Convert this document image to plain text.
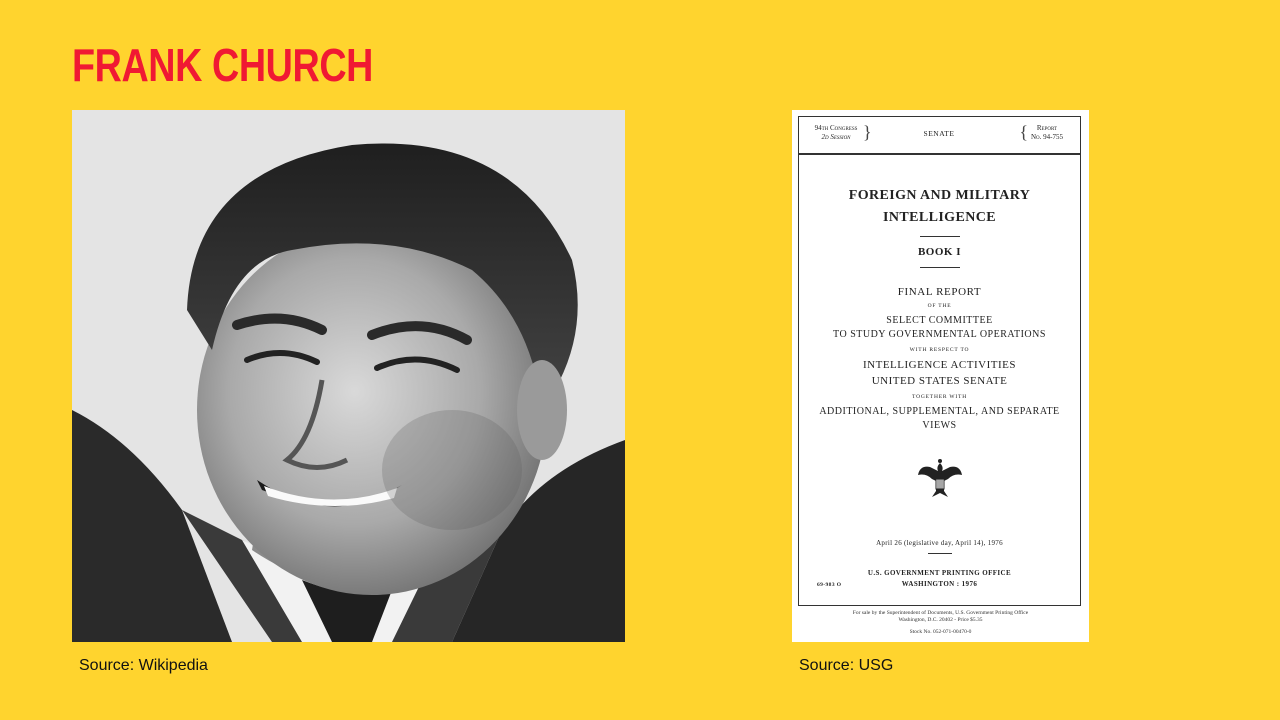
FRANK CHURCH
Source: Wikipedia
94th Congress
2d Session }	SENATE	{	Report
No. 94-755
FOREIGN AND MILITARY
INTELLIGENCE
BOOK I
FINAL REPORT
OF THE
SELECT COMMITTEE
TO STUDY GOVERNMENTAL OPERATIONS
WITH RESPECT TO
INTELLIGENCE ACTIVITIES
UNITED STATES SENATE
TOGETHER WITH
ADDITIONAL, SUPPLEMENTAL, AND SEPARATE
VIEWS
April 26 (legislative day, April 14), 1976
U.S. GOVERNMENT PRINTING OFFICE
69-983 O	WASHINGTON : 1976
For sale by the Superintendent of Documents, U.S. Government Printing Office
Washington, D.C. 20402 - Price $5.35
Stock No. 052-071-00470-0
Source: USG
